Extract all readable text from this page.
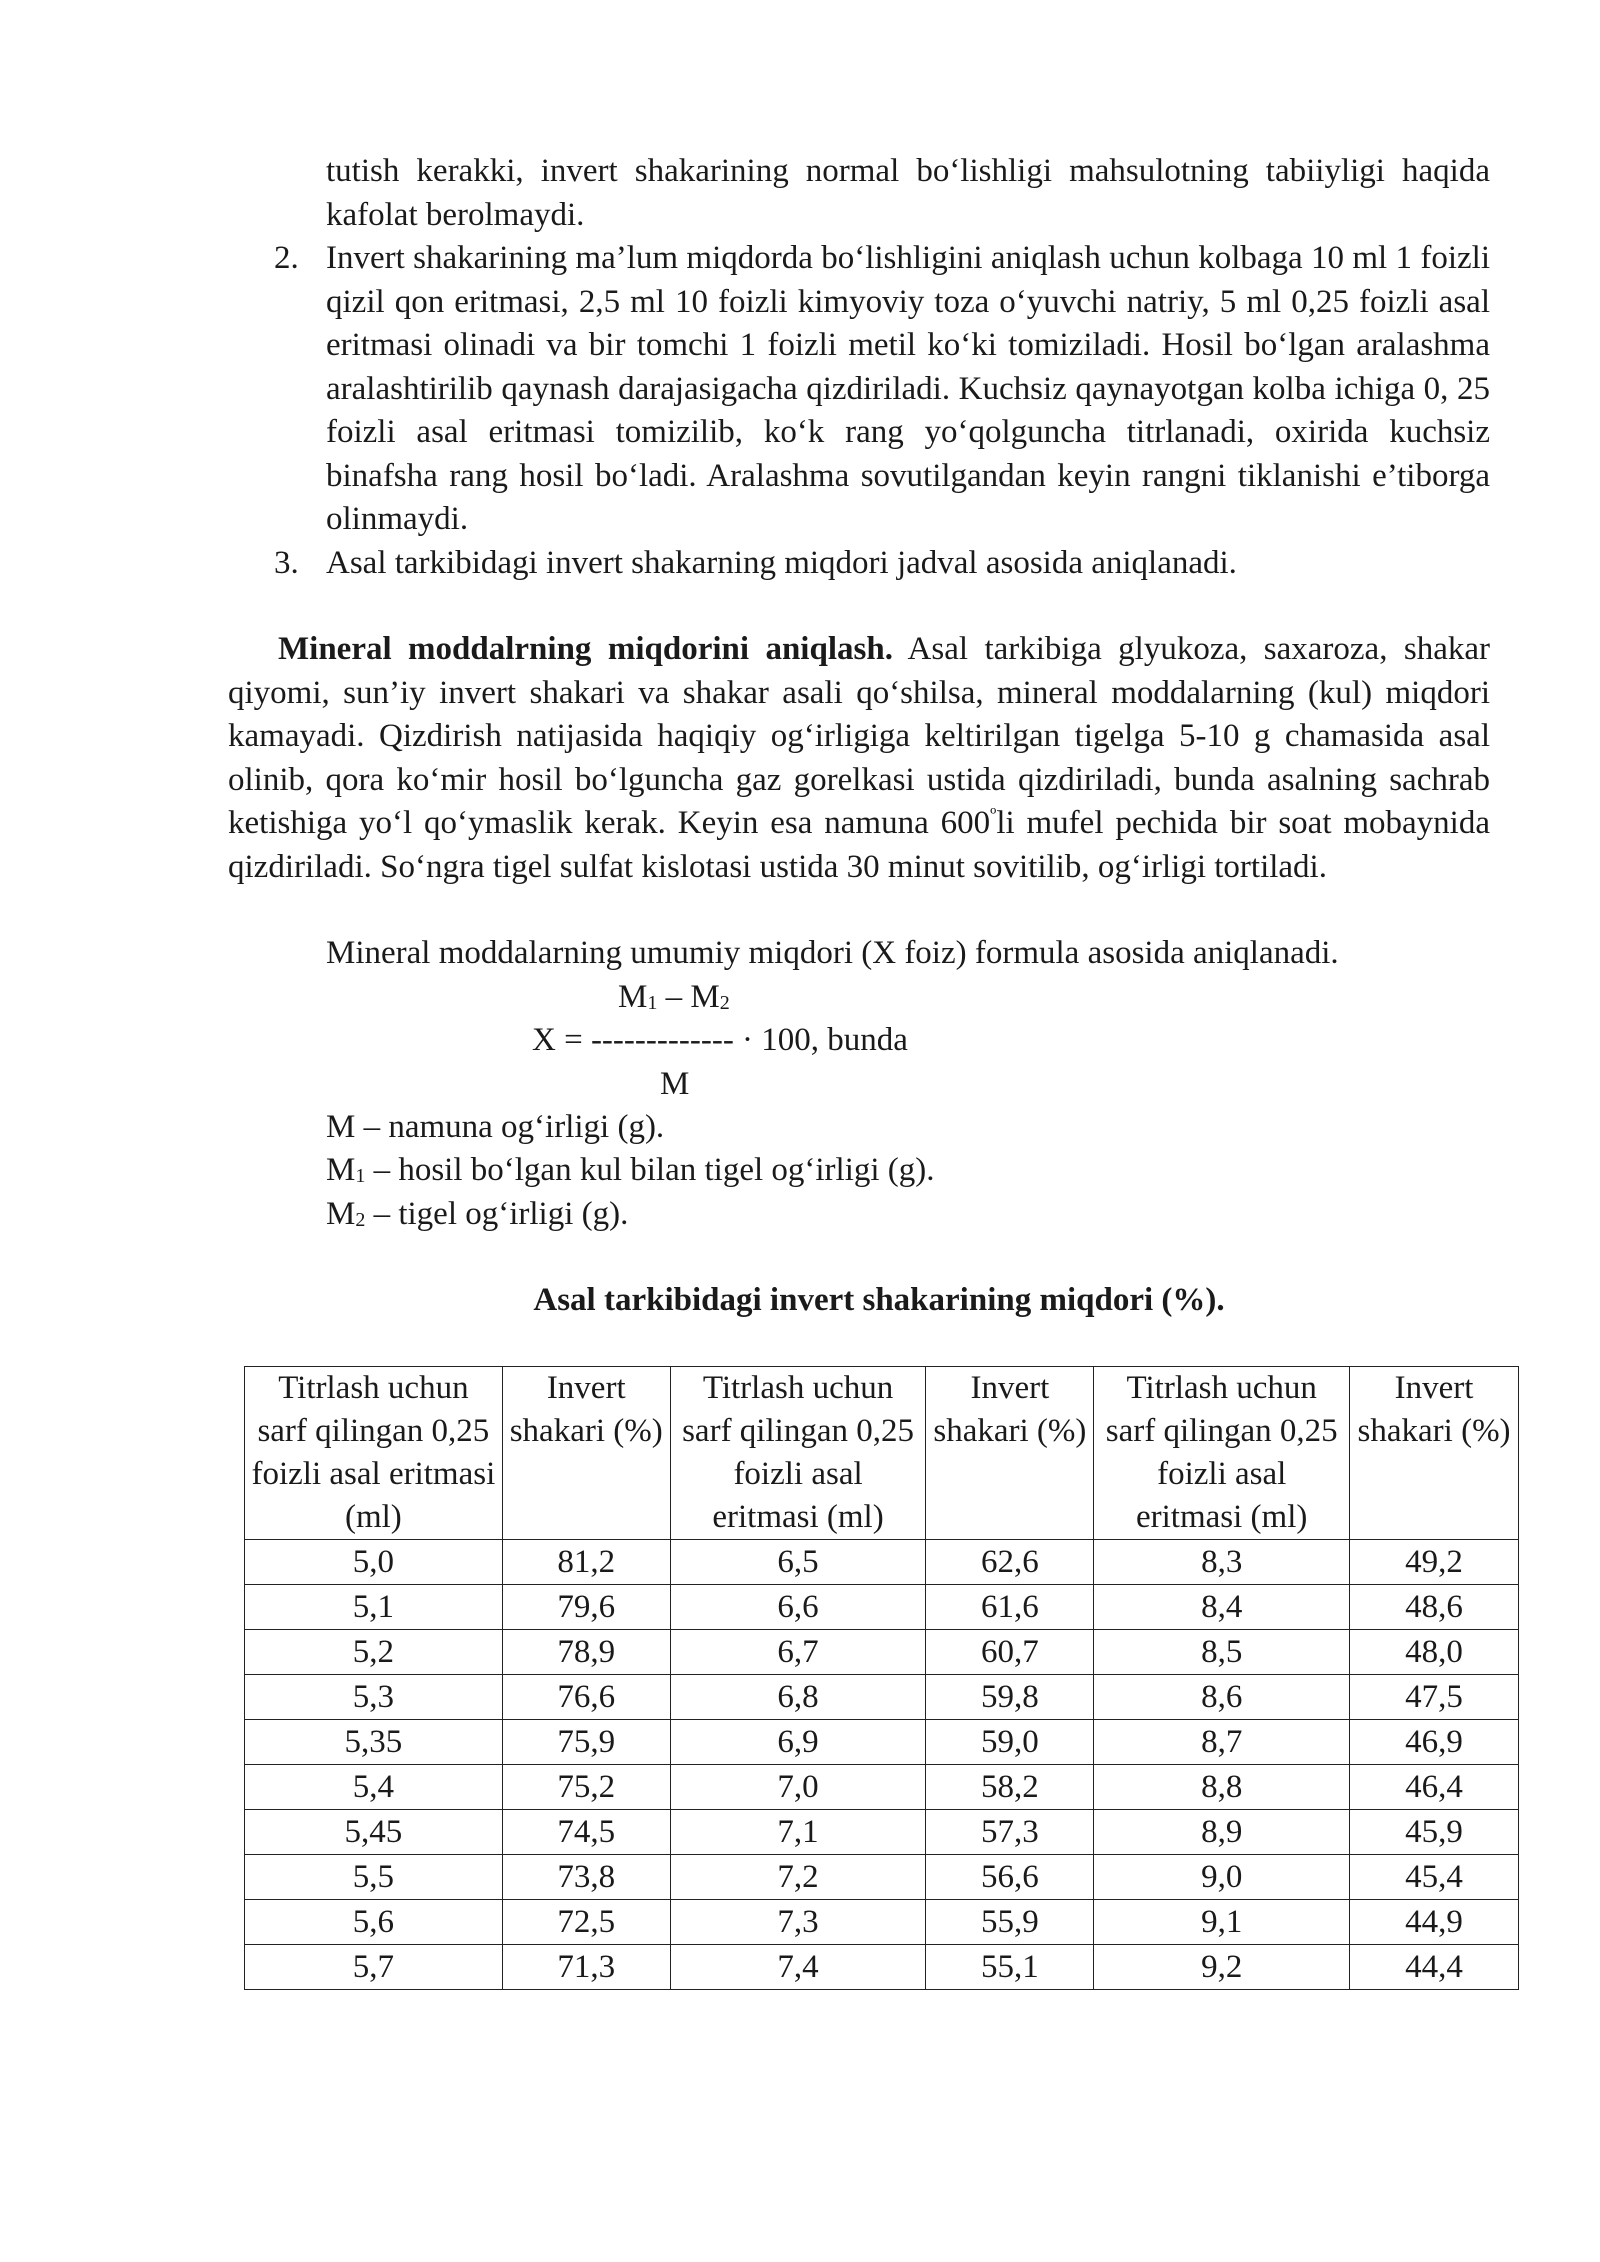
tutish kerakki, invert shakarining normal bo‘lishligi mahsulotning tabiiyligi haqida kafolat berolmaydi.
2. Invert shakarining ma’lum miqdorda bo‘lishligini aniqlash uchun kolbaga 10 ml 1 foizli qizil qon eritmasi, 2,5 ml 10 foizli kimyoviy toza o‘yuvchi natriy, 5 ml 0,25 foizli asal eritmasi olinadi va bir tomchi 1 foizli metil ko‘ki tomiziladi. Hosil bo‘lgan aralashma aralashtirilib qaynash darajasigacha qizdiriladi. Kuchsiz qaynayotgan kolba ichiga 0, 25 foizli asal eritmasi tomizilib, ko‘k rang yo‘qolguncha titrlanadi, oxirida kuchsiz binafsha rang hosil bo‘ladi. Aralashma sovutilgandan keyin rangni tiklanishi e’tiborga olinmaydi.
3. Asal tarkibidagi invert shakarning miqdori jadval asosida aniqlanadi.

Mineral moddalrning miqdorini aniqlash. Asal tarkibiga glyukoza, saxaroza, shakar qiyomi, sun’iy invert shakari va shakar asali qo‘shilsa, mineral moddalarning (kul) miqdori kamayadi. Qizdirish natijasida haqiqiy og‘irligiga keltirilgan tigelga 5-10 g chamasida asal olinib, qora ko‘mir hosil bo‘lguncha gaz gorelkasi ustida qizdiriladi, bunda asalning sachrab ketishiga yo‘l qo‘ymaslik kerak. Keyin esa namuna $600^ºli$ mufel pechida bir soat mobaynida qizdiriladi. So‘ngra tigel sulfat kislotasi ustida 30 minut sovitilib, og‘irligi tortiladi.

Mineral moddalarning umumiy miqdori (X foiz) formula asosida aniqlanadi.
$M_1 - M_2$
X = ------------- · 100, bunda
M
M – namuna og‘irligi (g).
$M_1$ – hosil bo‘lgan kul bilan tigel og‘irligi (g).
$M_2$ – tigel og‘irligi (g).
Asal tarkibidagi invert shakarining miqdori (%).
Titrlash uchun sarf qilingan 0,25 foizli asal eritmasi (ml)	Invert shakari (%)	Titrlash uchun sarf qilingan 0,25 foizli asal eritmasi (ml)	Invert shakari (%)	Titrlash uchun sarf qilingan 0,25 foizli asal eritmasi (ml)	Invert shakari (%)
5,0	81,2	6,5	62,6	8,3	49,2
5,1	79,6	6,6	61,6	8,4	48,6
5,2	78,9	6,7	60,7	8,5	48,0
5,3	76,6	6,8	59,8	8,6	47,5
5,35	75,9	6,9	59,0	8,7	46,9
5,4	75,2	7,0	58,2	8,8	46,4
5,45	74,5	7,1	57,3	8,9	45,9
5,5	73,8	7,2	56,6	9,0	45,4
5,6	72,5	7,3	55,9	9,1	44,9
5,7	71,3	7,4	55,1	9,2	44,4
